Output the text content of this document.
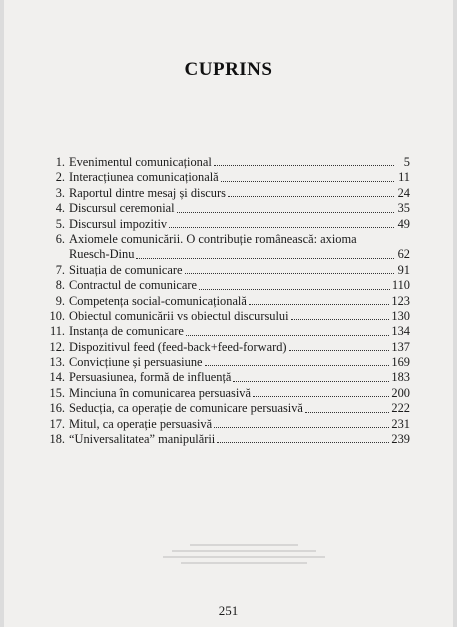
CUPRINS
1. Evenimentul comunicațional	5
2. Interacțiunea comunicațională	11
3. Raportul dintre mesaj și discurs	24
4. Discursul ceremonial	35
5. Discursul impozitiv	49
6. Axiomele comunicării. O contribuție românească: axioma
Ruesch-Dinu	62
7. Situația de comunicare	91
8. Contractul de comunicare	110
9. Competența social-comunicațională	123
10. Obiectul comunicării vs obiectul discursului	130
11. Instanța de comunicare	134
12. Dispozitivul feed (feed-back+feed-forward)	137
13. Convicțiune și persuasiune	169
14. Persuasiunea, formă de influență	183
15. Minciuna în comunicarea persuasivă	200
16. Seducția, ca operație de comunicare persuasivă	222
17. Mitul, ca operație persuasivă	231
18. “Universalitatea” manipulării	239
251
